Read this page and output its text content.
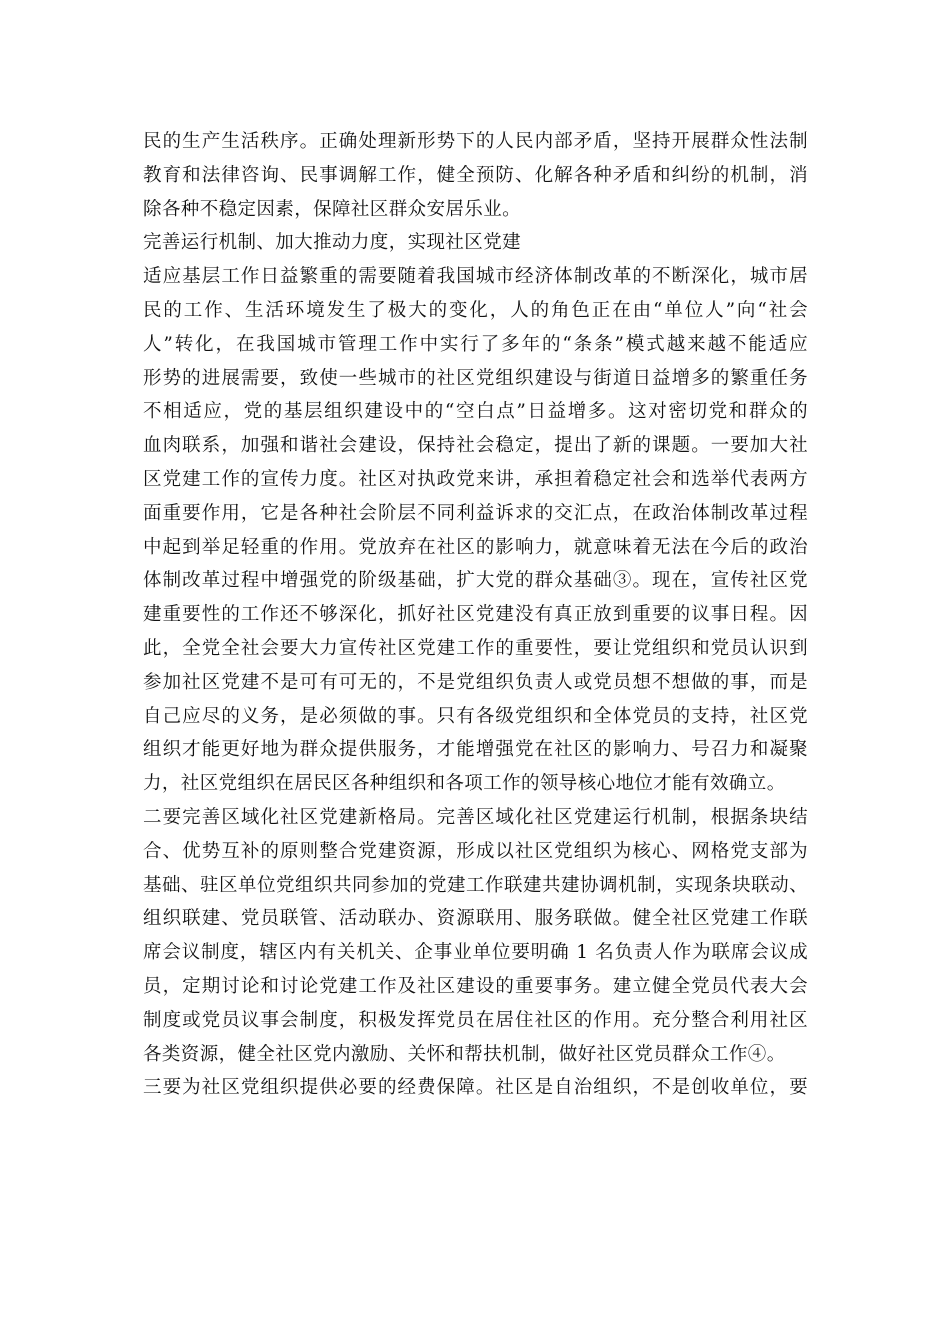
民的生产生活秩序。正确处理新形势下的人民内部矛盾，坚持开展群众性法制
教育和法律咨询、民事调解工作，健全预防、化解各种矛盾和纠纷的机制，消
除各种不稳定因素，保障社区群众安居乐业。

完善运行机制、加大推动力度，实现社区党建

适应基层工作日益繁重的需要随着我国城市经济体制改革的不断深化，城市居
民的工作、生活环境发生了极大的变化，人的角色正在由“单位人”向“社会
人”转化，在我国城市管理工作中实行了多年的“条条”模式越来越不能适应
形势的进展需要，致使一些城市的社区党组织建设与街道日益增多的繁重任务
不相适应，党的基层组织建设中的“空白点”日益增多。这对密切党和群众的
血肉联系，加强和谐社会建设，保持社会稳定，提出了新的课题。一要加大社
区党建工作的宣传力度。社区对执政党来讲，承担着稳定社会和选举代表两方
面重要作用，它是各种社会阶层不同利益诉求的交汇点，在政治体制改革过程
中起到举足轻重的作用。党放弃在社区的影响力，就意味着无法在今后的政治
体制改革过程中增强党的阶级基础，扩大党的群众基础③。现在，宣传社区党
建重要性的工作还不够深化，抓好社区党建没有真正放到重要的议事日程。因
此，全党全社会要大力宣传社区党建工作的重要性，要让党组织和党员认识到
参加社区党建不是可有可无的，不是党组织负责人或党员想不想做的事，而是
自己应尽的义务，是必须做的事。只有各级党组织和全体党员的支持，社区党
组织才能更好地为群众提供服务，才能增强党在社区的影响力、号召力和凝聚
力，社区党组织在居民区各种组织和各项工作的领导核心地位才能有效确立。

二要完善区域化社区党建新格局。完善区域化社区党建运行机制，根据条块结
合、优势互补的原则整合党建资源，形成以社区党组织为核心、网格党支部为
基础、驻区单位党组织共同参加的党建工作联建共建协调机制，实现条块联动、
组织联建、党员联管、活动联办、资源联用、服务联做。健全社区党建工作联
席会议制度，辖区内有关机关、企事业单位要明确 1 名负责人作为联席会议成
员，定期讨论和讨论党建工作及社区建设的重要事务。建立健全党员代表大会
制度或党员议事会制度，积极发挥党员在居住社区的作用。充分整合利用社区
各类资源，健全社区党内激励、关怀和帮扶机制，做好社区党员群众工作④。

三要为社区党组织提供必要的经费保障。社区是自治组织，不是创收单位，要
